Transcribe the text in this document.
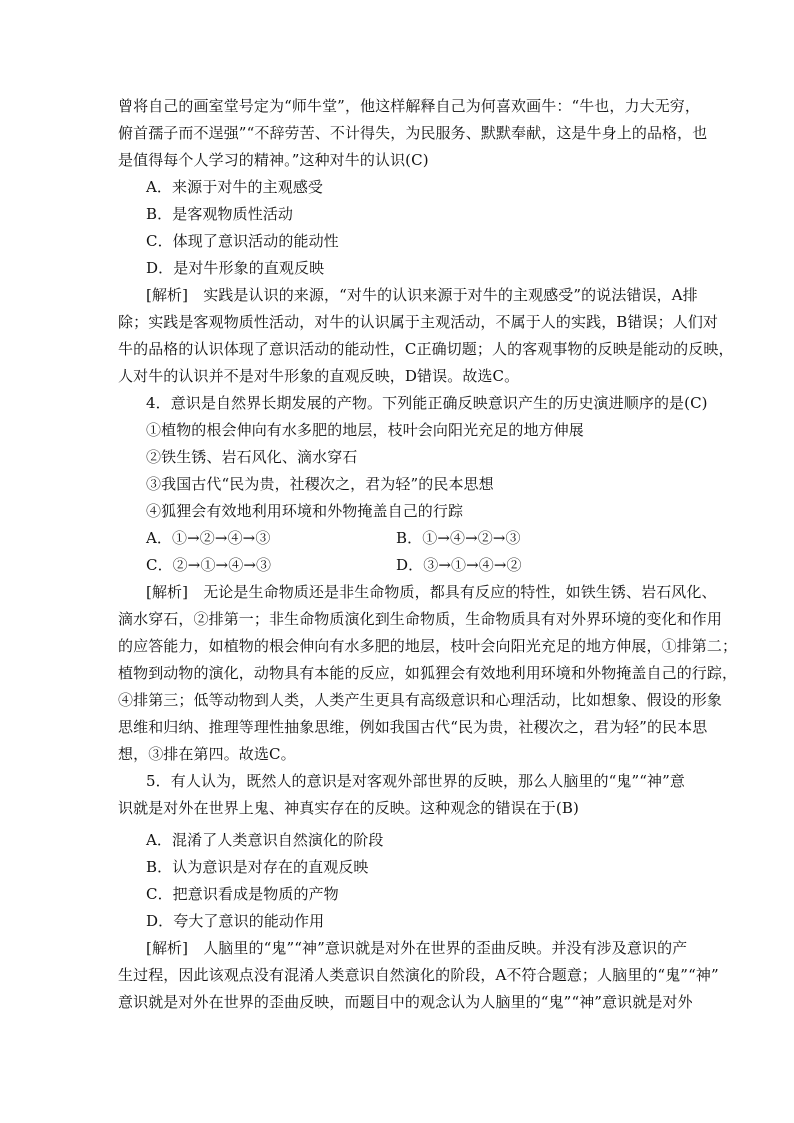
曾将自己的画室堂号定为“师牛堂”，他这样解释自己为何喜欢画牛：“牛也，力大无穷，
俯首孺子而不逞强”“不辞劳苦、不计得失，为民服务、默默奉献，这是牛身上的品格，也
是值得每个人学习的精神。”这种对牛的认识(C)
A．来源于对牛的主观感受
B．是客观物质性活动
C．体现了意识活动的能动性
D．是对牛形象的直观反映
[解析]　实践是认识的来源，“对牛的认识来源于对牛的主观感受”的说法错误，A排
除；实践是客观物质性活动，对牛的认识属于主观活动，不属于人的实践，B错误；人们对
牛的品格的认识体现了意识活动的能动性，C正确切题；人的客观事物的反映是能动的反映，
人对牛的认识并不是对牛形象的直观反映，D错误。故选C。
4．意识是自然界长期发展的产物。下列能正确反映意识产生的历史演进顺序的是(C)
①植物的根会伸向有水多肥的地层，枝叶会向阳光充足的地方伸展
②铁生锈、岩石风化、滴水穿石
③我国古代“民为贵，社稷次之，君为轻”的民本思想
④狐狸会有效地利用环境和外物掩盖自己的行踪
A．①→②→④→③	B．①→④→②→③
C．②→①→④→③	D．③→①→④→②
[解析]　无论是生命物质还是非生命物质，都具有反应的特性，如铁生锈、岩石风化、
滴水穿石，②排第一；非生命物质演化到生命物质，生命物质具有对外界环境的变化和作用
的应答能力，如植物的根会伸向有水多肥的地层，枝叶会向阳光充足的地方伸展，①排第二；
植物到动物的演化，动物具有本能的反应，如狐狸会有效地利用环境和外物掩盖自己的行踪，
④排第三；低等动物到人类，人类产生更具有高级意识和心理活动，比如想象、假设的形象
思维和归纳、推理等理性抽象思维，例如我国古代“民为贵，社稷次之，君为轻”的民本思
想，③排在第四。故选C。
5．有人认为，既然人的意识是对客观外部世界的反映，那么人脑里的“鬼”“神”意
识就是对外在世界上鬼、神真实存在的反映。这种观念的错误在于(B)
A．混淆了人类意识自然演化的阶段
B．认为意识是对存在的直观反映
C．把意识看成是物质的产物
D．夸大了意识的能动作用
[解析]　人脑里的“鬼”“神”意识就是对外在世界的歪曲反映。并没有涉及意识的产
生过程，因此该观点没有混淆人类意识自然演化的阶段，A不符合题意；人脑里的“鬼”“神”
意识就是对外在世界的歪曲反映，而题目中的观念认为人脑里的“鬼”“神”意识就是对外
